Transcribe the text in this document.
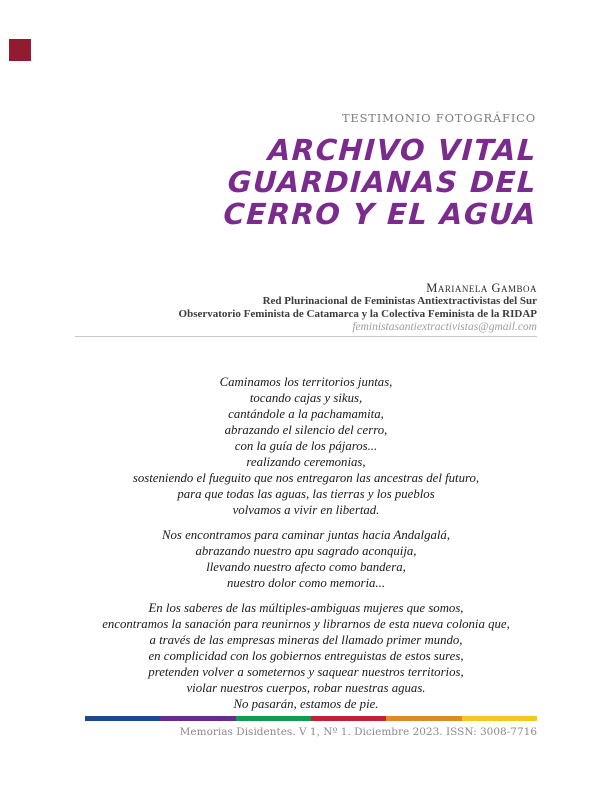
TESTIMONIO FOTOGRÁFICO
ARCHIVO VITAL
GUARDIANAS DEL
CERRO Y EL AGUA
Marianela Gamboa
Red Plurinacional de Feministas Antiextractivistas del Sur
Observatorio Feminista de Catamarca y la Colectiva Feminista de la RIDAP
feministasantiextractivistas@gmail.com
Caminamos los territorios juntas,
tocando cajas y sikus,
cantándole a la pachamamita,
abrazando el silencio del cerro,
con la guía de los pájaros...
realizando ceremonias,
sosteniendo el fueguito que nos entregaron las ancestras del futuro,
para que todas las aguas, las tierras y los pueblos
volvamos a vivir en libertad.
Nos encontramos para caminar juntas hacia Andalgalá,
abrazando nuestro apu sagrado aconquija,
llevando nuestro afecto como bandera,
nuestro dolor como memoria...
En los saberes de las múltiples-ambiguas mujeres que somos,
encontramos la sanación para reunirnos y librarnos de esta nueva colonia que,
a través de las empresas mineras del llamado primer mundo,
en complicidad con los gobiernos entreguistas de estos sures,
pretenden volver a someternos y saquear nuestros territorios,
violar nuestros cuerpos, robar nuestras aguas.
No pasarán, estamos de pie.
Memorias Disidentes. V 1, Nº 1. Diciembre 2023. ISSN: 3008-7716
